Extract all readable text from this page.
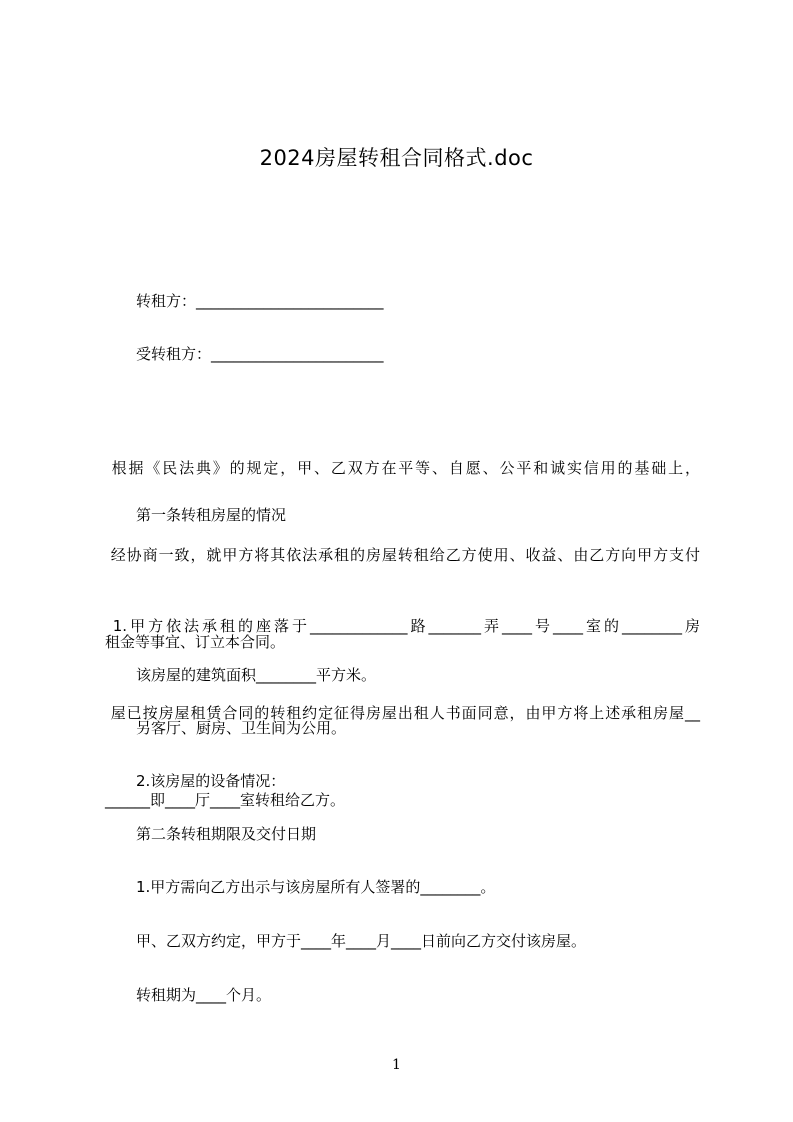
2024房屋转租合同格式.doc
转租方：_________________________
受转租方：_______________________

根据《民法典》的规定，甲、乙双方在平等、自愿、公平和诚实信用的基础上，

经协商一致，就甲方将其依法承租的房屋转租给乙方使用、收益、由乙方向甲方支付

租金等事宜、订立本合同。

第一条转租房屋的情况

1.甲方依法承租的座落于_____________路_______弄____号____室的________房

屋已按房屋租赁合同的转租约定征得房屋出租人书面同意，由甲方将上述承租房屋__

______即____厅____室转租给乙方。

该房屋的建筑面积________平方米。
另客厅、厨房、卫生间为公用。
2.该房屋的设备情况：
第二条转租期限及交付日期
1.甲方需向乙方出示与该房屋所有人签署的________。
甲、乙双方约定，甲方于____年____月____日前向乙方交付该房屋。
转租期为____个月。
1
